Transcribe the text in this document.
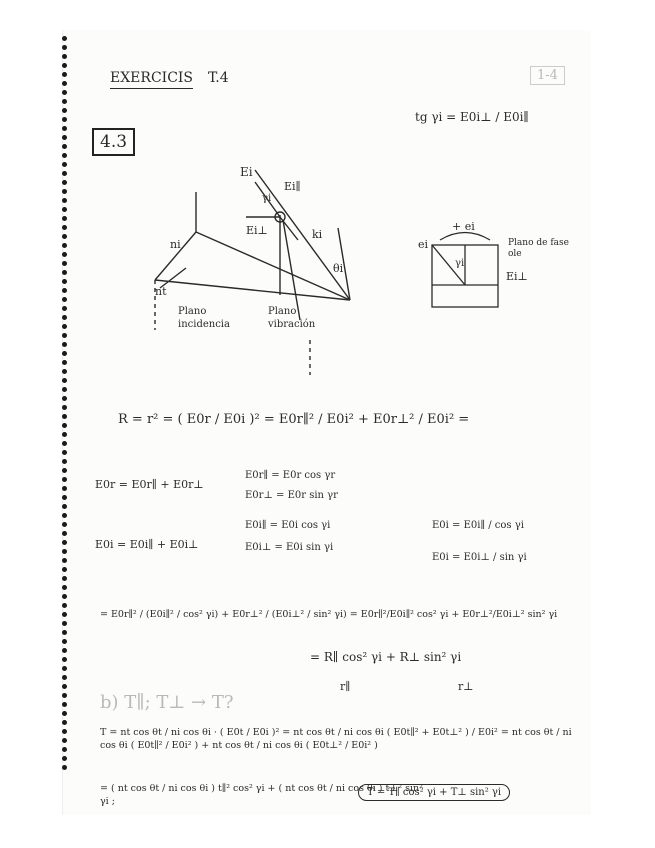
EXERCICIS T.4	1-4
4.3
tg γi = E0i⊥ / E0i∥
Ei
Ei∥
γi
Ei⊥	ki
ni
nt
θi
Plano incidencia
Plano vibración
ei
+ ei
γi
Ei⊥
Plano de fase ole
R = r² = ( E0r / E0i )² = E0r∥² / E0i² + E0r⊥² / E0i² =
E0r = E0r∥ + E0r⊥
E0r∥ = E0r cos γr
E0r⊥ = E0r sin γr
E0i = E0i∥ + E0i⊥
E0i∥ = E0i cos γi
E0i⊥ = E0i sin γi
E0i = E0i∥ / cos γi
E0i = E0i⊥ / sin γi
= E0r∥² / (E0i∥² / cos² γi) + E0r⊥² / (E0i⊥² / sin² γi) = E0r∥²/E0i∥² cos² γi + E0r⊥²/E0i⊥² sin² γi
= R∥ cos² γi + R⊥ sin² γi
r∥	r⊥
b) T∥; T⊥ → T?
T = nt cos θt / ni cos θi · ( E0t / E0i )² = nt cos θt / ni cos θi ( E0t∥² + E0t⊥² ) / E0i² = nt cos θt / ni cos θi ( E0t∥² / E0i² ) + nt cos θt / ni cos θi ( E0t⊥² / E0i² )
= ( nt cos θt / ni cos θi ) t∥² cos² γi + ( nt cos θt / ni cos θi ) t⊥² sin² γi ;
T = T∥ cos² γi + T⊥ sin² γi
